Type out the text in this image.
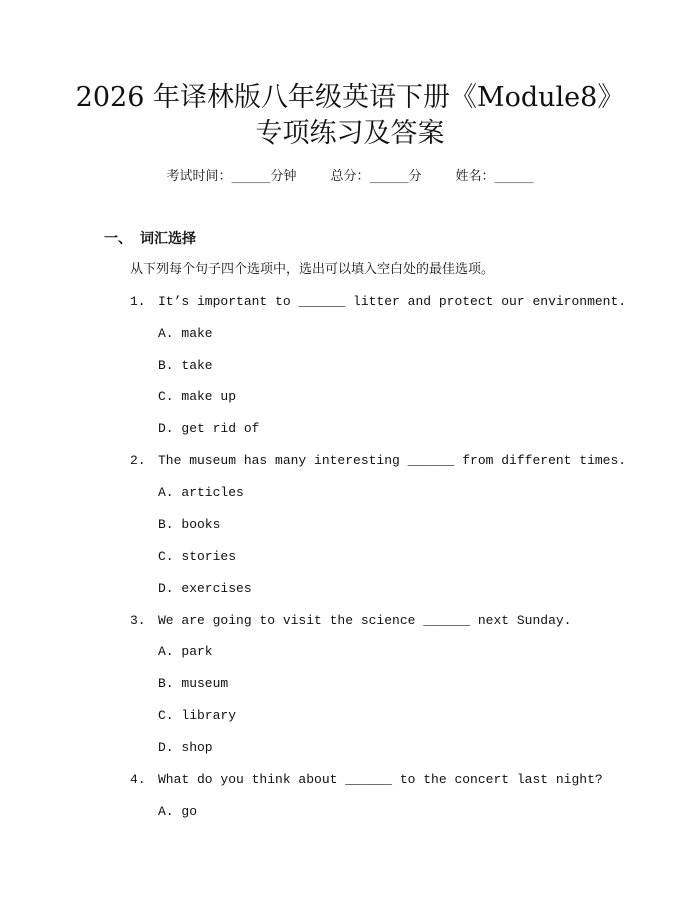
2026 年译林版八年级英语下册《Module8》
专项练习及答案
考试时间：______分钟	总分：______分	姓名：______
一、 词汇选择
从下列每个句子四个选项中，选出可以填入空白处的最佳选项。
1. It’s important to ______ litter and protect our environment.
A. make
B. take
C. make up
D. get rid of
2. The museum has many interesting ______ from different times.
A. articles
B. books
C. stories
D. exercises
3. We are going to visit the science ______ next Sunday.
A. park
B. museum
C. library
D. shop
4. What do you think about ______ to the concert last night?
A. go
